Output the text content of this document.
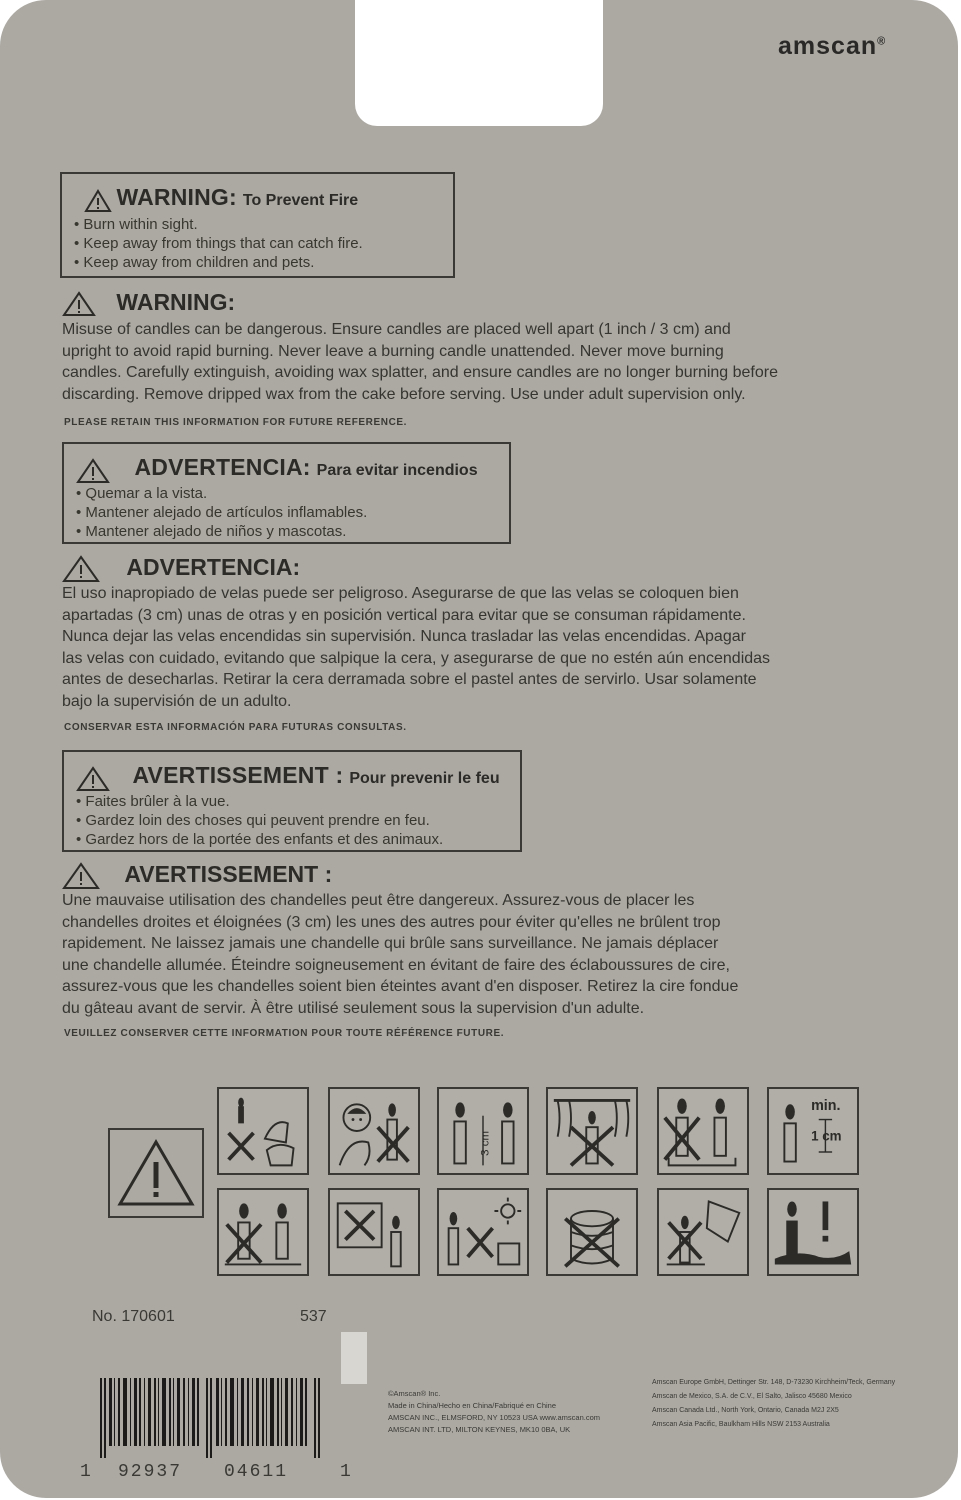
amscan®
WARNING: To Prevent Fire
• Burn within sight.
• Keep away from things that can catch fire.
• Keep away from children and pets.
WARNING:
Misuse of candles can be dangerous. Ensure candles are placed well apart (1 inch / 3 cm) and
upright to avoid rapid burning. Never leave a burning candle unattended. Never move burning
candles. Carefully extinguish, avoiding wax splatter, and ensure candles are no longer burning before
discarding. Remove dripped wax from the cake before serving. Use under adult supervision only.
PLEASE RETAIN THIS INFORMATION FOR FUTURE REFERENCE.
ADVERTENCIA: Para evitar incendios
• Quemar a la vista.
• Mantener alejado de artículos inflamables.
• Mantener alejado de niños y mascotas.
ADVERTENCIA:
El uso inapropiado de velas puede ser peligroso. Asegurarse de que las velas se coloquen bien
apartadas (3 cm) unas de otras y en posición vertical para evitar que se consuman rápidamente.
Nunca dejar las velas encendidas sin supervisión. Nunca trasladar las velas encendidas. Apagar
las velas con cuidado, evitando que salpique la cera, y asegurarse de que no estén aún encendidas
antes de desecharlas. Retirar la cera derramada sobre el pastel antes de servirlo. Usar solamente
bajo la supervisión de un adulto.
CONSERVAR ESTA INFORMACIÓN PARA FUTURAS CONSULTAS.
AVERTISSEMENT : Pour prevenir le feu
• Faites brûler à la vue.
• Gardez loin des choses qui peuvent prendre en feu.
• Gardez hors de la portée des enfants et des animaux.
AVERTISSEMENT :
Une mauvaise utilisation des chandelles peut être dangereux. Assurez-vous de placer les
chandelles droites et éloignées (3 cm) les unes des autres pour éviter qu'elles ne brûlent trop
rapidement. Ne laissez jamais une chandelle qui brûle sans surveillance. Ne jamais déplacer
une chandelle allumée. Éteindre soigneusement en évitant de faire des éclaboussures de cire,
assurez-vous que les chandelles soient bien éteintes avant d'en disposer. Retirez la cire fondue
du gâteau avant de servir. À être utilisé seulement sous la supervision d'un adulte.
VEUILLEZ CONSERVER CETTE INFORMATION POUR TOUTE RÉFÉRENCE FUTURE.
3 cm
min.
1 cm
No. 170601	537
1 92937 04611	1
©Amscan® Inc.
Made in China/Hecho en China/Fabriqué en Chine
AMSCAN INC., ELMSFORD, NY 10523 USA www.amscan.com
AMSCAN INT. LTD, MILTON KEYNES, MK10 0BA, UK
Amscan Europe GmbH, Dettinger Str. 148, D-73230 Kirchheim/Teck, Germany
Amscan de Mexico, S.A. de C.V., El Salto, Jalisco 45680 Mexico
Amscan Canada Ltd., North York, Ontario, Canada M2J 2X5
Amscan Asia Pacific, Baulkham Hills NSW 2153 Australia
